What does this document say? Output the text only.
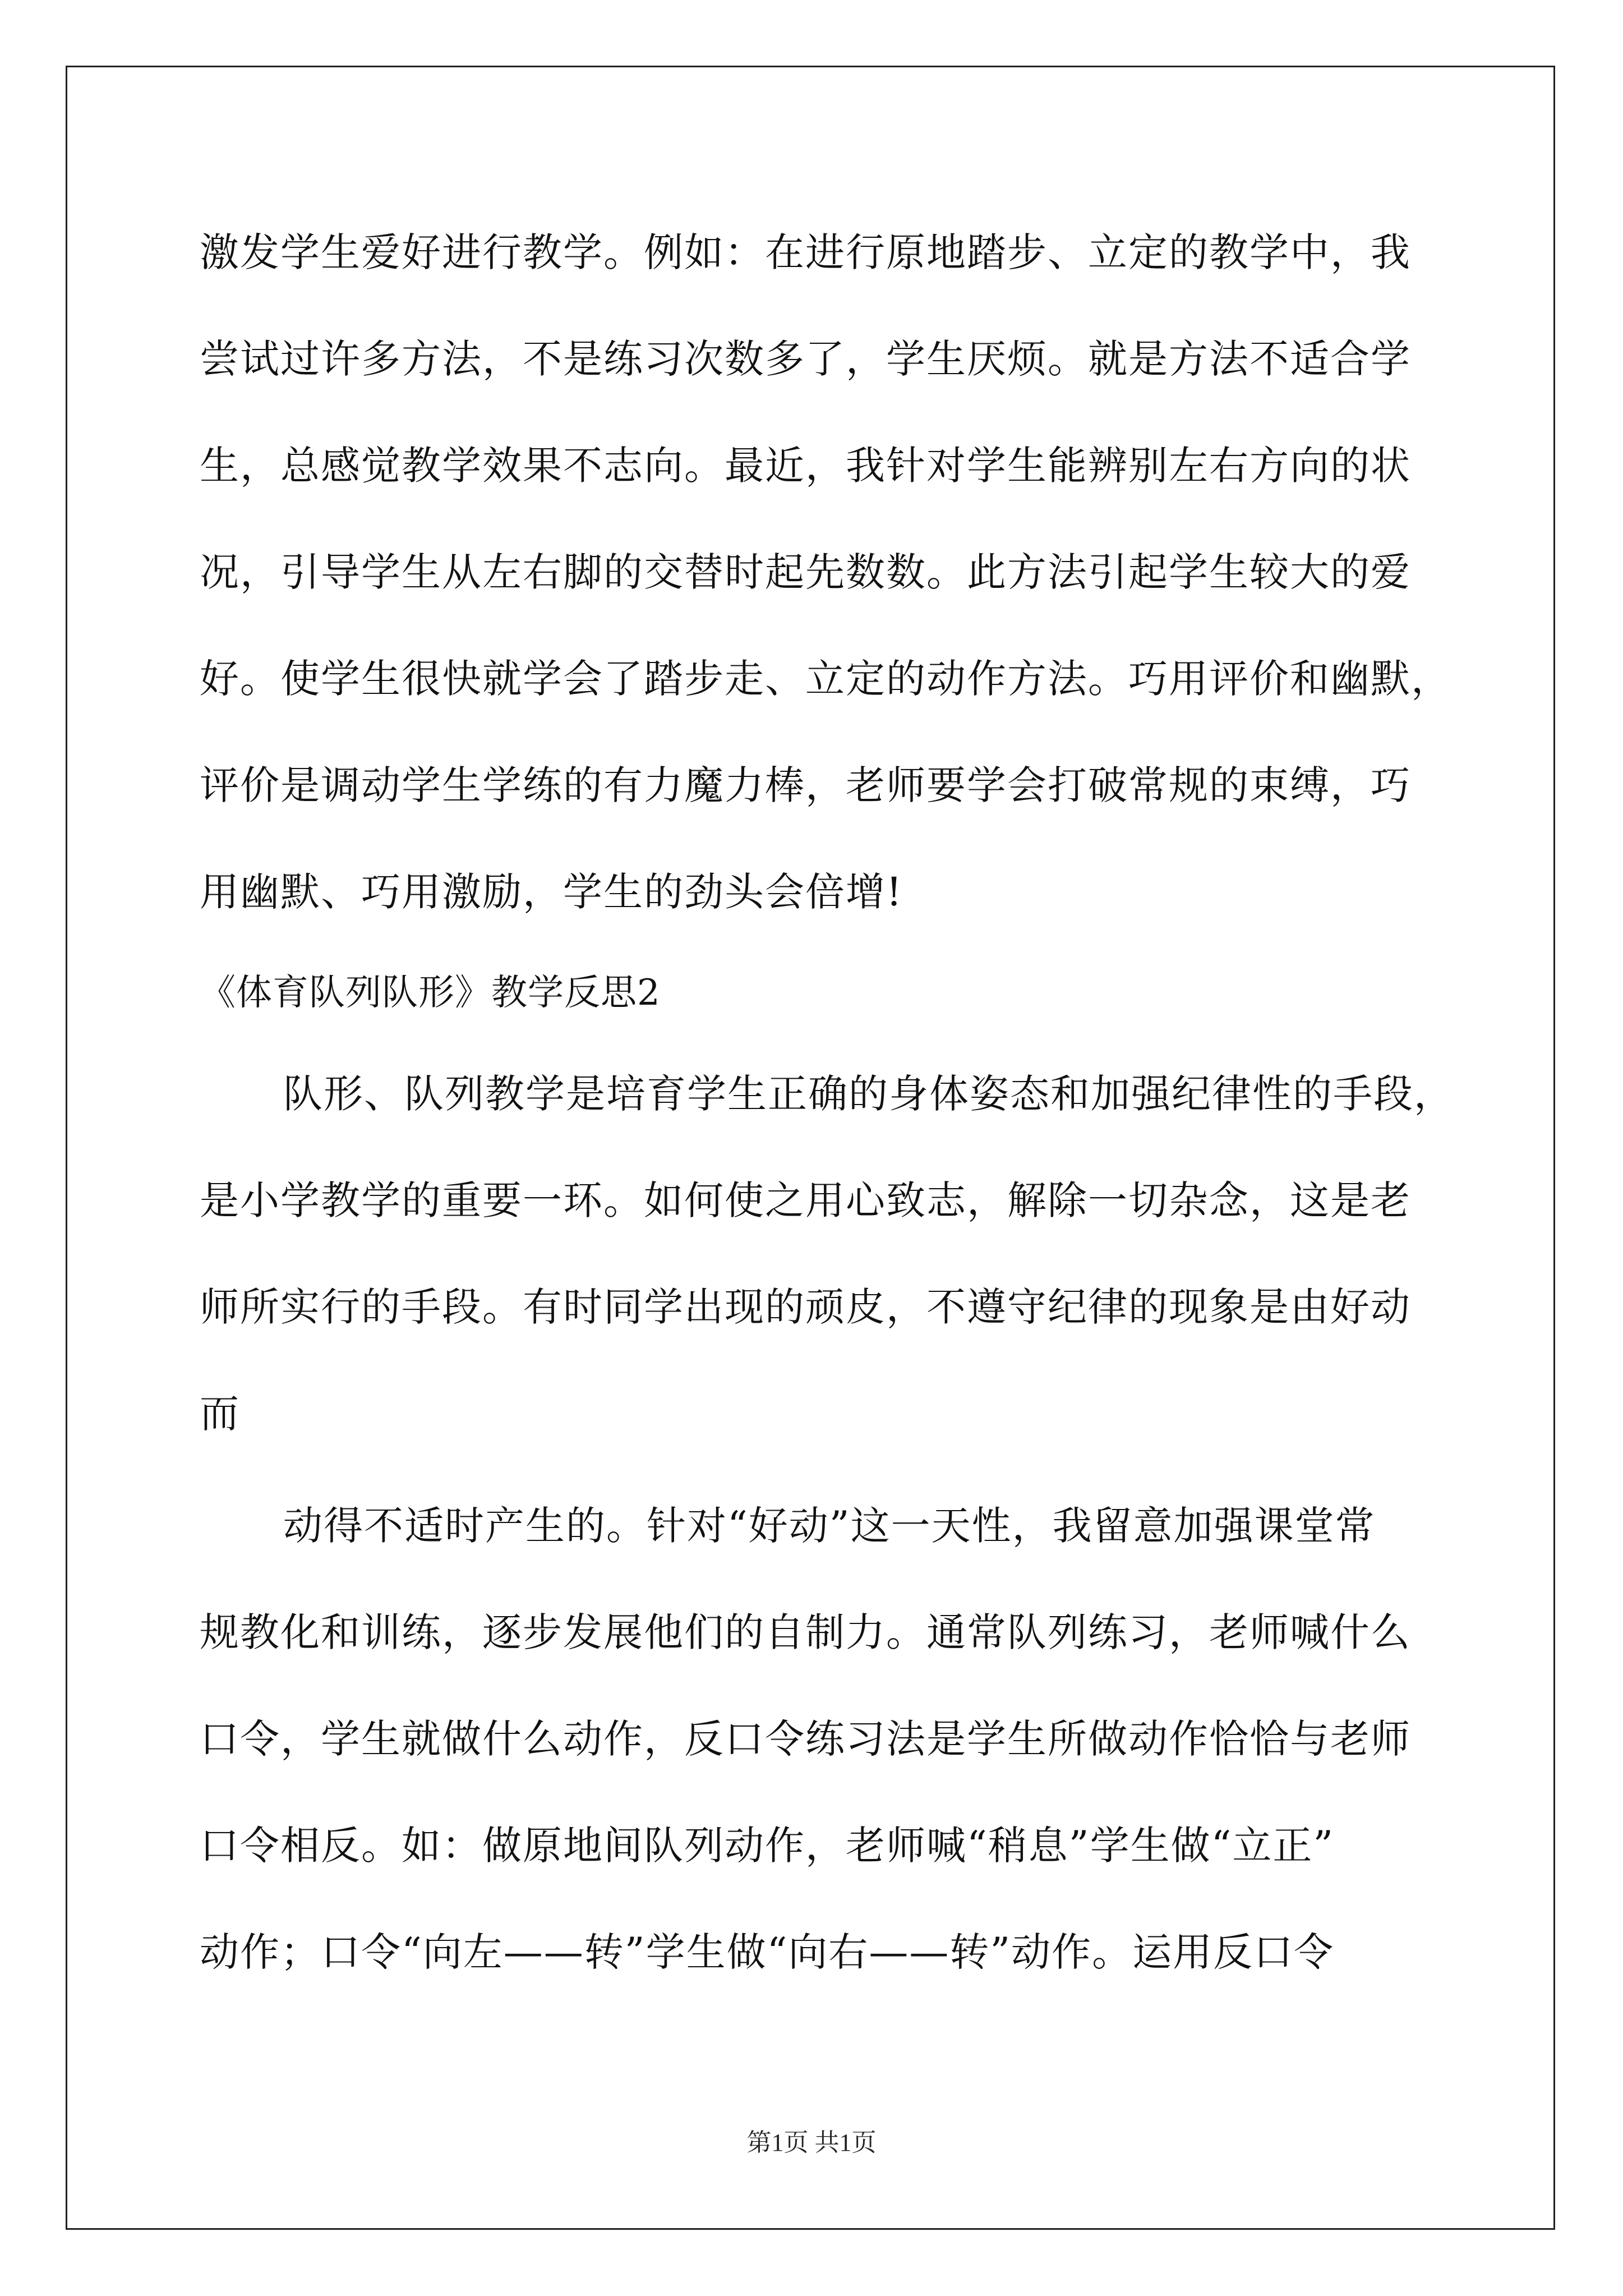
激发学生爱好进行教学。例如：在进行原地踏步、立定的教学中，我
尝试过许多方法，不是练习次数多了，学生厌烦。就是方法不适合学
生，总感觉教学效果不志向。最近，我针对学生能辨别左右方向的状
况，引导学生从左右脚的交替时起先数数。此方法引起学生较大的爱
好。使学生很快就学会了踏步走、立定的动作方法。巧用评价和幽默，
评价是调动学生学练的有力魔力棒，老师要学会打破常规的束缚，巧
用幽默、巧用激励，学生的劲头会倍增!
《体育队列队形》教学反思2
队形、队列教学是培育学生正确的身体姿态和加强纪律性的手段，
是小学教学的重要一环。如何使之用心致志，解除一切杂念，这是老
师所实行的手段。有时同学出现的顽皮，不遵守纪律的现象是由好动
而
动得不适时产生的。针对“好动”这一天性，我留意加强课堂常
规教化和训练，逐步发展他们的自制力。通常队列练习，老师喊什么
口令，学生就做什么动作，反口令练习法是学生所做动作恰恰与老师
口令相反。如：做原地间队列动作，老师喊“稍息”学生做“立正”
动作；口令“向左——转”学生做“向右——转”动作。运用反口令
第1页 共1页
